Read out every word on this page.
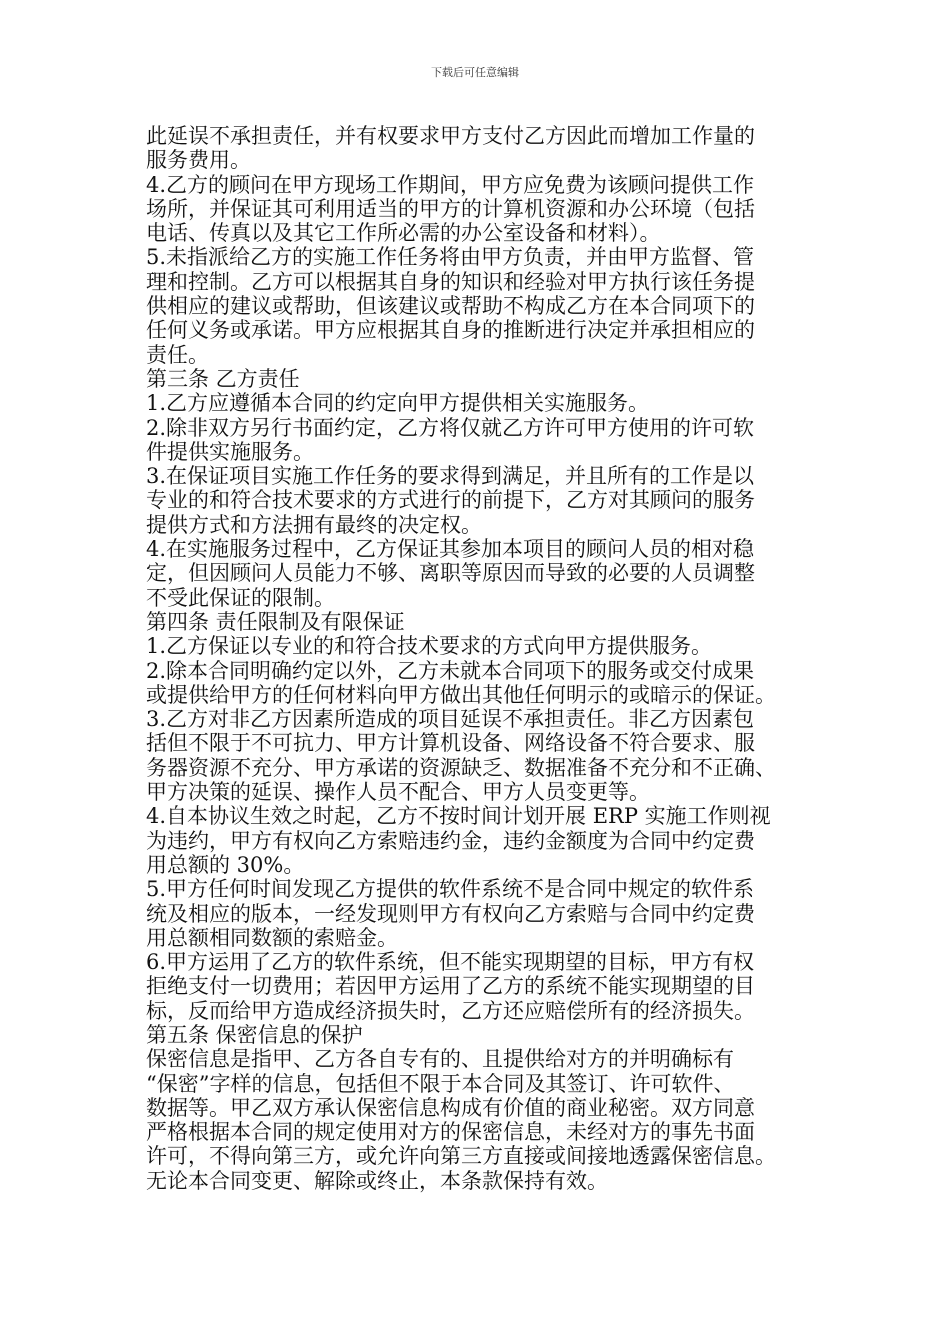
下载后可任意编辑
此延误不承担责任，并有权要求甲方支付乙方因此而增加工作量的
服务费用。
4.乙方的顾问在甲方现场工作期间，甲方应免费为该顾问提供工作
场所，并保证其可利用适当的甲方的计算机资源和办公环境（包括
电话、传真以及其它工作所必需的办公室设备和材料）。
5.未指派给乙方的实施工作任务将由甲方负责，并由甲方监督、管
理和控制。乙方可以根据其自身的知识和经验对甲方执行该任务提
供相应的建议或帮助，但该建议或帮助不构成乙方在本合同项下的
任何义务或承诺。甲方应根据其自身的推断进行决定并承担相应的
责任。
第三条 乙方责任
1.乙方应遵循本合同的约定向甲方提供相关实施服务。
2.除非双方另行书面约定，乙方将仅就乙方许可甲方使用的许可软
件提供实施服务。
3.在保证项目实施工作任务的要求得到满足，并且所有的工作是以
专业的和符合技术要求的方式进行的前提下，乙方对其顾问的服务
提供方式和方法拥有最终的决定权。
4.在实施服务过程中，乙方保证其参加本项目的顾问人员的相对稳
定，但因顾问人员能力不够、离职等原因而导致的必要的人员调整
不受此保证的限制。
第四条 责任限制及有限保证
1.乙方保证以专业的和符合技术要求的方式向甲方提供服务。
2.除本合同明确约定以外，乙方未就本合同项下的服务或交付成果
或提供给甲方的任何材料向甲方做出其他任何明示的或暗示的保证。
3.乙方对非乙方因素所造成的项目延误不承担责任。非乙方因素包
括但不限于不可抗力、甲方计算机设备、网络设备不符合要求、服
务器资源不充分、甲方承诺的资源缺乏、数据准备不充分和不正确、
甲方决策的延误、操作人员不配合、甲方人员变更等。
4.自本协议生效之时起，乙方不按时间计划开展 ERP 实施工作则视
为违约，甲方有权向乙方索赔违约金，违约金额度为合同中约定费
用总额的 30%。
5.甲方任何时间发现乙方提供的软件系统不是合同中规定的软件系
统及相应的版本，一经发现则甲方有权向乙方索赔与合同中约定费
用总额相同数额的索赔金。
6.甲方运用了乙方的软件系统，但不能实现期望的目标，甲方有权
拒绝支付一切费用；若因甲方运用了乙方的系统不能实现期望的目
标，反而给甲方造成经济损失时，乙方还应赔偿所有的经济损失。
第五条 保密信息的保护
保密信息是指甲、乙方各自专有的、且提供给对方的并明确标有
“保密”字样的信息，包括但不限于本合同及其签订、许可软件、
数据等。甲乙双方承认保密信息构成有价值的商业秘密。双方同意
严格根据本合同的规定使用对方的保密信息，未经对方的事先书面
许可，不得向第三方，或允许向第三方直接或间接地透露保密信息。
无论本合同变更、解除或终止，本条款保持有效。
